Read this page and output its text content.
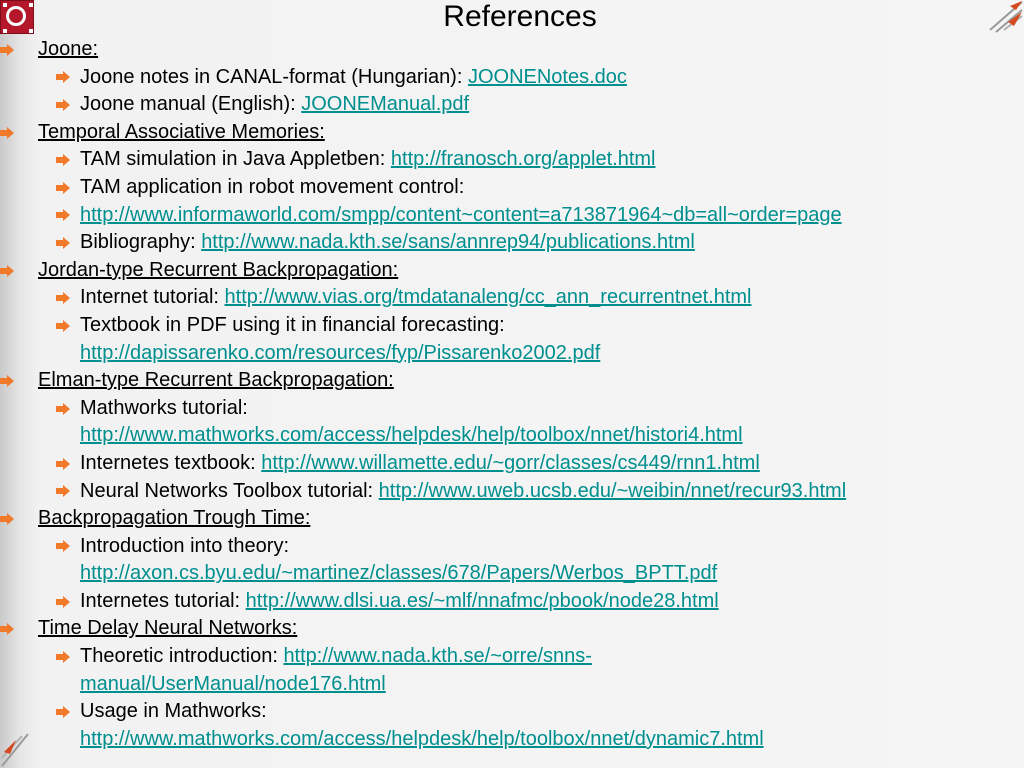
References
Joone:
Joone notes in CANAL-format (Hungarian): JOONENotes.doc
Joone manual (English): JOONEManual.pdf
Temporal Associative Memories:
TAM simulation in Java Appletben: http://franosch.org/applet.html
TAM application in robot movement control:
http://www.informaworld.com/smpp/content~content=a713871964~db=all~order=page
Bibliography: http://www.nada.kth.se/sans/annrep94/publications.html
Jordan-type Recurrent Backpropagation:
Internet tutorial: http://www.vias.org/tmdatanaleng/cc_ann_recurrentnet.html
Textbook in PDF using it in financial forecasting:
http://dapissarenko.com/resources/fyp/Pissarenko2002.pdf
Elman-type Recurrent Backpropagation:
Mathworks tutorial:
http://www.mathworks.com/access/helpdesk/help/toolbox/nnet/histori4.html
Internetes textbook: http://www.willamette.edu/~gorr/classes/cs449/rnn1.html
Neural Networks Toolbox tutorial: http://www.uweb.ucsb.edu/~weibin/nnet/recur93.html
Backpropagation Trough Time:
Introduction into theory:
http://axon.cs.byu.edu/~martinez/classes/678/Papers/Werbos_BPTT.pdf
Internetes tutorial: http://www.dlsi.ua.es/~mlf/nnafmc/pbook/node28.html
Time Delay Neural Networks:
Theoretic introduction: http://www.nada.kth.se/~orre/snns-
manual/UserManual/node176.html
Usage in Mathworks:
http://www.mathworks.com/access/helpdesk/help/toolbox/nnet/dynamic7.html
